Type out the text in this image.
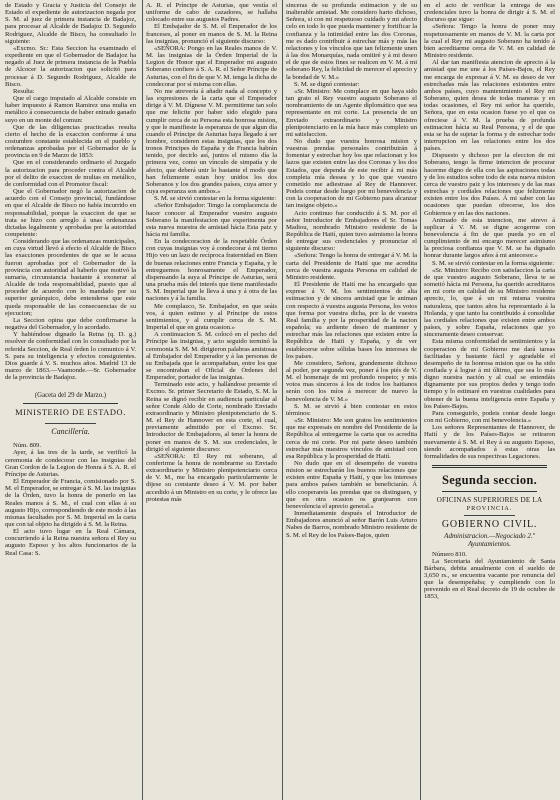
de Estado y Gracia y Justicia del Consejo de Estado el expediente de autorizacion negada por S. M. al juez de primera instancia de Badajoz, para procesar al Alcalde de Badajoz D. Segundo Rodriguez, Alcalde de Bisco, ha consultado lo siguiente:

«Excmo. Sr.: Esta Seccion ha examinado el expediente en que el Gobernador de Badajoz ha negado al Juez de primera instancia de la Puebla de Alcocer la autorizacion que solicitó para procesar á D. Segundo Rodriguez, Alcalde de Bisco.

Resulta:

Que el cargo imputado al Alcalde consiste en haber impuesto á Ramon Ramirez una multa en metálico á consecuencia de haber entrado ganado suyo en un monte del comun:

Que de las diligencias practicadas resulta cierto el hecho de la exaccion conforme á una costumbre constante establecida en el pueblo y ordenanzas aprobadas por el Gobernador de la provincia en 9 de Marzo de 1853:

Que en el considerando ordinario el Juzgado la autorizacion para proceder contra el Alcalde por el delito de exaccion de multas en metálico, de conformidad con el Promotor fiscal:

Que el Gobernador negó la autorizacion de acuerdo con el Consejo provincial, fundándose en que el Alcalde de Bisco no había incurrido en responsabilidad, porque la exaccion de que se trata se hizo con arreglo á unas ordenanzas dictadas legalmente y aprobadas por la autoridad competente:

Considerando que las ordenanzas municipales, en cuya virtud llevó á efecto el Alcalde de Bisco las exacciones procedentes de que se le acusa fueron aprobadas por el Gobernador de la provincia con autoridad al haberlo que motivó la sumaria, circunstancia bastante á exonerar al Alcalde de toda responsabilidad, puesto que al proceder de acuerdo con lo mandado por su superior gerárquico, debe entenderse que este queda responsable de las consecuencias de su ejecucion;

La Seccion opina que debe confirmarse la negativa del Gobernador, y lo acordado.

Y habiéndose dignado la Reina (q. D. g.) resolver de conformidad con lo consultado por la referida Seccion, de Real órden lo comunico á V. S. para su inteligencia y efectos consiguientes. Dios guarde á V. S. muchos años. Madrid 13 de marzo de 1863.—Vaamonde.—Sr. Gobernador de la provincia de Badajoz.

(Gaceta del 29 de Marzo.)

MINISTERIO DE ESTADO.

Cancillería.

Núm. 809.

Ayer, á las tres de la tarde, se verificó la ceremonia de condecorar con las insignias del Gran Cordon de la Legion de Honra á S. A. R. el Príncipe de Asturias.

El Emperador de Francia, comisionado por S. M. el Emperador, se entregar á S. M. las insignias de la Órden, tuvo la honra de ponerlo en las Reales manos á S. M., el cual con ellas á su augusto Hijo, correspondiendo de este modo á las mismas facultades por S. M. Imperial en la carta que con tal objeto ha dirigido á S. M. la Reina.

El acto tuvo lugar en la Real Cámara, concurriendo á la Reina nuestra señora el Rey su augusto Esposo y los altos funcionarios de la Real Casa: S.

A. R. el Príncipe de Asturias, que vestía el uniforme de cabo de cazadores, se hallaba colocado entre sus augustos Padres.

El Embajador de S. M. el Emperador de los franceses, al poner en manos de S. M. la Reina las insignias, pronunció el siguiente discurso:

«SEÑORA: Pongo en las Reales manos de V. M. las insignias de la Órden Imperial de la Legion de Honor que el Emperador mi augusto Soberano confiere á S. A. R. el Señor Príncipe de Asturias, con el fin de que V. M. tenga la dicha de condecorar por sí misma con ellas.

No me atrevería á añadir nada al concepto y las expresiones de la carta que el Emperador dirige á V. M. Dígnese V. M. permitirme tan solo que me felicite por haber sido elegido para cumplir cerca de su Persona esta honrosa mision, y que le manifieste la esperanza de que algun día cuando el Príncipe de Asturias haya llegado á ser hombre, consideren estas insignias, que los dos tronos Principes de España y de Francia habrán tenido, por decirlo así, juntos el mismo día la primera vez, como un vínculo de simpatía y de afecto, que deberá unir lo bastante el modo que han felizmente estan hoy unidos los dos Soberanos y los dos grandes países, cuya amor y cuya esperanza son ambos.»

S. M. se sirvió contestar en la forma siguiente:

«Señor Embajador: Tengo la complacencia de hacer conocer al Emperador vuestro augusto Soberano la manifestacion que experimenta por esta nueva muestra de amistad hácia Esta paiz y hácia mi familia.

En la condecoracion de la respetable Órden con cuyas insignias voy á condecorar á mi tierno Hijo veo un lazo de recíproca fraternidad en Bien de buenas relaciones entre Francia y España, y le entreguemos honrosamente el Emperador, dispensando la suya al Príncipe de Asturias, será una prueba más del interés que tiene manifestado S. M. Imperial que le lleva á una y á otra de las naciones y á la familia.

Me complazco, Sr. Embajador, en que seáis vos, á quien estimo y al Príncipe de estos sentimientos, y al cumplir cerca de S. M. Imperial el que en grata ocasion.»

A continuacion S. M. colocó en el pecho del Príncipe las insignias, y acto seguido terminó la ceremonia S. M. M. dirigieron palabras amistosas al Embajador del Emperador y á las personas de su Embajada que le acompañaban, entre los que se encontraban el Oficial de Órdenes del Emperador, portador de las insignias.

Terminado este acto, y hallándose presente el Excmo. Sr. primer Secretario de Estado, S. M. la Reina se dignó recibir en audiencia particular al señor Conde Aldo de Corte, nombrado Enviado extraordinario y Ministro plenipotenciario de S. M. el Rey de Hannover en esta corte, el cual, previamente admitido por el Excmo. Sr. Introductor de Embajadores, al tener la honra de poner en manos de S. M. sus credenciales, le dirigió el siguiente discurso:

«SEÑORA: El Rey mi soberano, al conferirme la honra de nombrarme su Enviado extraordinario y Ministro plenipotenciario cerca de V. M., me ha encargado particularmente le dijese su constante deseo á V. M. por haber accedido á un Ministro en su corte, y le ofrece las protestas más

sinceras de su profunda estimacion y de su inalterable amistad. Me considero harto dichoso, Señora, si con mi respetuoso cuidado y mi afecto celo en todo lo que pueda mantener y fortificar la confianza y la intimidad entre las dos Coronas, me es dado contribuir á estrechar más y más las relaciones y los vínculos que tan felizmente unen á las dos Monarquías, nada omitiré y á mi deseo el de que de estos fines se realicen en V. M. á mi soberano Rey, la felicidad de merecer el aprecio y la bondad de V. M.»

S. M. se dignó contestar:

«Sr. Ministro: Me complace en que haya sido tan grato el Rey vuestro augusto Soberano el nombramiento de un Agente diplomático que sea representante en mi corte. La presencia de un Enviado extraordinario y Ministro plenipotenciario en la mía hace más completo un mi satisfaccion.

No dudo que vuestra honrosa mision y vuestras prendas personales contribuirán á fomentar y estrechar hoy los que relacionan y los lazos que existen entre las dos Coronas y los dos Estados, que dependa de este recibir á mi más completa mía dessea y lo que que vuestro cometido me adiestrase al Rey de Hannover. Podeis contar desde luego por mi benevolencia y con la cooperacion de mi Gobierno para alcanzar tan insigne objeto.»

Acto continuo fue conducido á S. M. por el señor Introductor de Embajadores el Sr. Tomas Madiou, nombrado Ministro residente de la República de Haití, quien tuvo asimismo la honra de entregar sus credenciales y pronunciar el siguiente discurso:

«Señora: Tengo la honra de entregar á V. M. la carta del Presidente de Haití que me acredita cerca de vuestra augusta Persona en calidad de Ministro residente.

El Presidente de Haití me ha encargado que exprese á V. M. los sentimientos de alta estimacion y de sincera amistad que le animan con respecto á vuestra augusta Persona, los votos que forma por vuestra dicha, por la de vuestra Real familia y por la prosperidad de la nacion española; su ardiente deseo de mantener y estrechar más las relaciones que existen entre la República de Haití y España, y de ver establecerse sobre sólidas bases los intereses de los países.

Me considero, Señora, grandemente dichoso al poder, por segunda vez, poner á los piés de V. M. el homenaje de mi profundo respeto; y mis votos mas sinceros á los de todos los haitianos serán con los míos á merecer de nuevo la benevolencia de V. M.»

S. M. se sirvió á bien contestar en estos términos:

«Sr. Ministro: Me son gratos los sentimientos que me expresais en nombre del Presidente de la República al entregarme la carta que os acredita cerca de mi corte. Por mi parte deseo también estrechar más nuestros vínculos de amistad con esa República y la prosperidad de Haití.

No dudo que en el desempeño de vuestra mision se estrecharán los buenos relaciones que existen entre España y Haití, y que los intereses para ambos países también se beneficiarán. Á ello cooperareis las prendas que os distinguen, y que en otra ocasion os granjearon con benevolencia el aprecio general.»

Inmediatamente después el Introductor de Embajadores anunció al señor Barón Luis Arturo Nabes de Barros, nombrado Ministro residente de S. M. el Rey de los Países-Bajos, quien

en el acto de verificar la entrega de sus credenciales tuvo la honra de dirigir á S. M. el discurso que sigue:

«Señora: Tengo la honra de poner muy respetuosamente en manos de V. M. la carta por la cual el Rey mi augusto Soberano ha tenido á bien acreditarme cerca de V. M. en calidad de Ministro residente.

Al dar tan manifiesta atencion de aprecio á la amistad que me une á los Países-Bajos, el Rey me encarga de expresar á V. M. su deseo de ver estrechadas más las relaciones existentes entre ambos países, cuyo mantenimiento el Rey mi Soberano, quien desea de todas maneras y en todas ocasiones, el Rey mi señor ha querido, Señora, que en esta ocasion fuese yo el que os ofreciese á V. M. la prueba de profunda estimacion hácia su Real Persona, y el de que esta se ha de sujetar la forma y de estrechar todo interrupcion en las relaciones entre los dos países.

Dispuesto y dichoso por la eleccion de mi Soberano, tengo la firme intencion de procurar hacerme digno de ella con las aspiraciones todas y de los estudios sobre todo de esta nueva mision cerca de vuestro paiz y los intereses y de las mas estrechas y cordiales relaciones que felizmente existen entre los dos Países. Á mi saber con las ocasiones que puedan ofrecerse, los dos Gobiernos y en las dos naciones.

Animado de esta intencion, me atrevo á suplicar á V. M. se digne acogerme con benevolencia á fin de que pueda yo en el cumplimiento de mi encargo merecer asimismo la preciosa confianza que V. M. se ha dignado honrar durante largos años á mi antecesor.»

S. M. se sirvió contestar en la forma siguiente:

«Sr. Ministro: Recibo con satisfaccion la carta de que vuestro augusto Soberano, lleva te se sometió hácia mi Persona, ha querido acreditaros en mi corte en calidad de su Ministro residente aprecio, lo, que á un mi misma vuestra naturaleza, que tantos años ha representado á la Holanda, y que tanto ha contribuido á consolidar las cordiales relaciones que existen entre ambos países, y sobre España, relaciones que yo sinceramente deseo conservar.

Esta misma conformidad de sentimientos y la cooperacion de mi Gobierno me dará tareas facilitadas y bastante fácil y agradable el desempeño de tu honrosa mision que os ha sido confiada y á lograr á mi último, que sea lo más digno nuestra nación y al cual se entendáis dignamente por sus propios dedes y tengo todo tiempo y lo estimaré en vuestras cualidades para obtener de la buena inteligencia entre España y los Países-Bajos.

Para conseguirlo, podeis contar desde luego con mi Gobierno, con mi benevolencia.»

Los señores Representantes de Hannover, de Haití y de los Países-Bajos se retiraron nuevamente á S. M. el Rey á su augusto Esposo, siendo acompañados á estas otras las formalidades de sus respectivas Legaciones.

Segunda seccion.

OFICINAS SUPERIORES DE LA

PROVINCIA.

GOBIERNO CIVIL.

Administracion.—Negociado 2.º Ayuntamientos.

Número 810.

La Secretaria del Ayuntamiento de Santa Bárbara, debita anualmente con el sueldo de 3,650 rs., se encuentra vacante por renuncia del que la desempeñaba; y cumpliendo con lo prevenido en el Real decreto de 19 de octubre de 1853,
